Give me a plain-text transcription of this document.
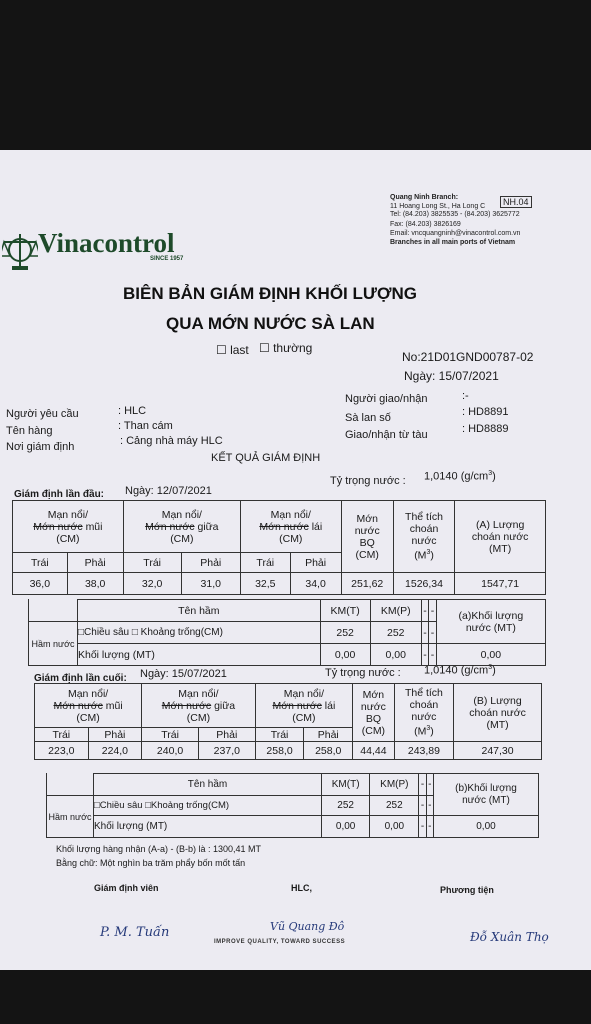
Vinacontrol
SINCE 1957
Quang Ninh Branch:
11 Hoang Long St., Ha Long C
Tel: (84.203) 3825535 - (84.203) 3625772
Fax: (84.203) 3826169
Email: vncquangninh@vinacontrol.com.vn
Branches in all main ports of Vietnam
NH.04
BIÊN BẢN GIÁM ĐỊNH KHỐI LƯỢNG
QUA MỚN NƯỚC SÀ LAN
☐ last ☐ thường
No:21D01GND00787-02
Ngày: 15/07/2021
Người yêu cầu	: HLC
Tên hàng	: Than cám
Nơi giám định	: Cảng nhà máy HLC
Người giao/nhận	:-
Sà lan số	: HD8891
Giao/nhận từ tàu	: HD8889
KẾT QUẢ GIÁM ĐỊNH
Giám định lần đầu: Ngày: 12/07/2021
Tỷ trọng nước : 1,0140 $(g/cm^3)$
Mạn nổi/
Mớn nước mũi
(CM)		Mạn nổi/
Mớn nước giữa
(CM)		Mạn nổi/
Mớn nước lái
(CM)		Mớn
nước
BQ
(CM)	Thể tích
choán
nước
$(M^3)$	(A) Lượng
choán nước
(MT)
Trái	Phải	Trái	Phải	Trái	Phải			
36,0	38,0	32,0	31,0	32,5	34,0	251,62	1526,34	1547,71
	Tên hầm	KM(T)	KM(P)	-	-	(a)Khối lượng
nước (MT)
Hầm nước	□Chiều sâu □ Khoảng trống(CM)	252	252	-	-	
	Khối lượng (MT)	0,00	0,00	-	-	0,00
Giám định lần cuối: Ngày: 15/07/2021	Tỷ trọng nước : 1,0140 $(g/cm^3)$
Mạn nổi/
Mớn nước mũi
(CM)		Mạn nổi/
Mớn nước giữa
(CM)		Mạn nổi/
Mớn nước lái
(CM)		Mớn
nước
BQ
(CM)	Thể tích
choán
nước
$(M^3)$	(B) Lượng
choán nước
(MT)
Trái	Phải	Trái	Phải	Trái	Phải			
223,0	224,0	240,0	237,0	258,0	258,0	44,44	243,89	247,30
	Tên hầm	KM(T)	KM(P)	-	-	(b)Khối lượng
nước (MT)
Hầm nước	□Chiều sâu □Khoảng trống(CM)	252	252	-	-	
	Khối lượng (MT)	0,00	0,00	-	-	0,00
Khối lượng hàng nhận (A-a) - (B-b) là : 1300,41 MT
Bằng chữ: Một nghìn ba trăm phẩy bốn mốt tấn
Giám định viên	HLC,	Phương tiện
P. M. Tuấn	Vũ Quang Đô
Đỗ Xuân Thọ
IMPROVE QUALITY, TOWARD SUCCESS
